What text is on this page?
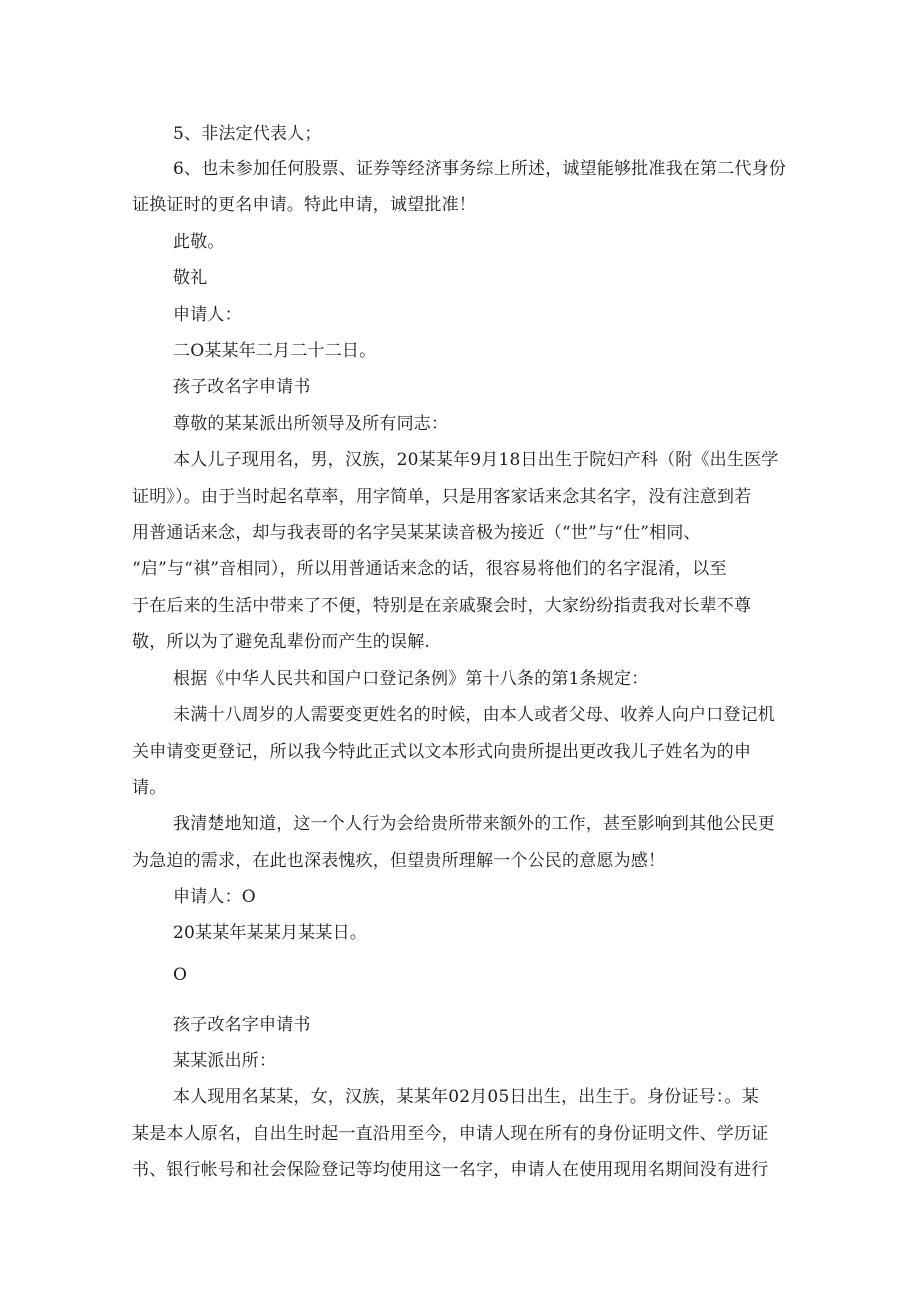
5、非法定代表人；
6、也未参加任何股票、证券等经济事务综上所述，诚望能够批准我在第二代身份
证换证时的更名申请。特此申请，诚望批准！
此敬。
敬礼
申请人：
二O某某年二月二十二日。
孩子改名字申请书
尊敬的某某派出所领导及所有同志：
本人儿子现用名，男，汉族，20某某年9月18日出生于院妇产科（附《出生医学
证明》）。由于当时起名草率，用字简单，只是用客家话来念其名字，没有注意到若
用普通话来念，却与我表哥的名字吴某某读音极为接近（“世”与“仕”相同、
“启”与“祺”音相同），所以用普通话来念的话，很容易将他们的名字混淆，以至
于在后来的生活中带来了不便，特别是在亲戚聚会时，大家纷纷指责我对长辈不尊
敬，所以为了避免乱辈份而产生的误解.
根据《中华人民共和国户口登记条例》第十八条的第1条规定：
未满十八周岁的人需要变更姓名的时候，由本人或者父母、收养人向户口登记机
关申请变更登记，所以我今特此正式以文本形式向贵所提出更改我儿子姓名为的申
请。
我清楚地知道，这一个人行为会给贵所带来额外的工作，甚至影响到其他公民更
为急迫的需求，在此也深表愧疚，但望贵所理解一个公民的意愿为感！
申请人：O
20某某年某某月某某日。
O
孩子改名字申请书
某某派出所：
本人现用名某某，女，汉族，某某年02月05日出生，出生于。身份证号：。某
某是本人原名，自出生时起一直沿用至今，申请人现在所有的身份证明文件、学历证
书、银行帐号和社会保险登记等均使用这一名字，申请人在使用现用名期间没有进行
